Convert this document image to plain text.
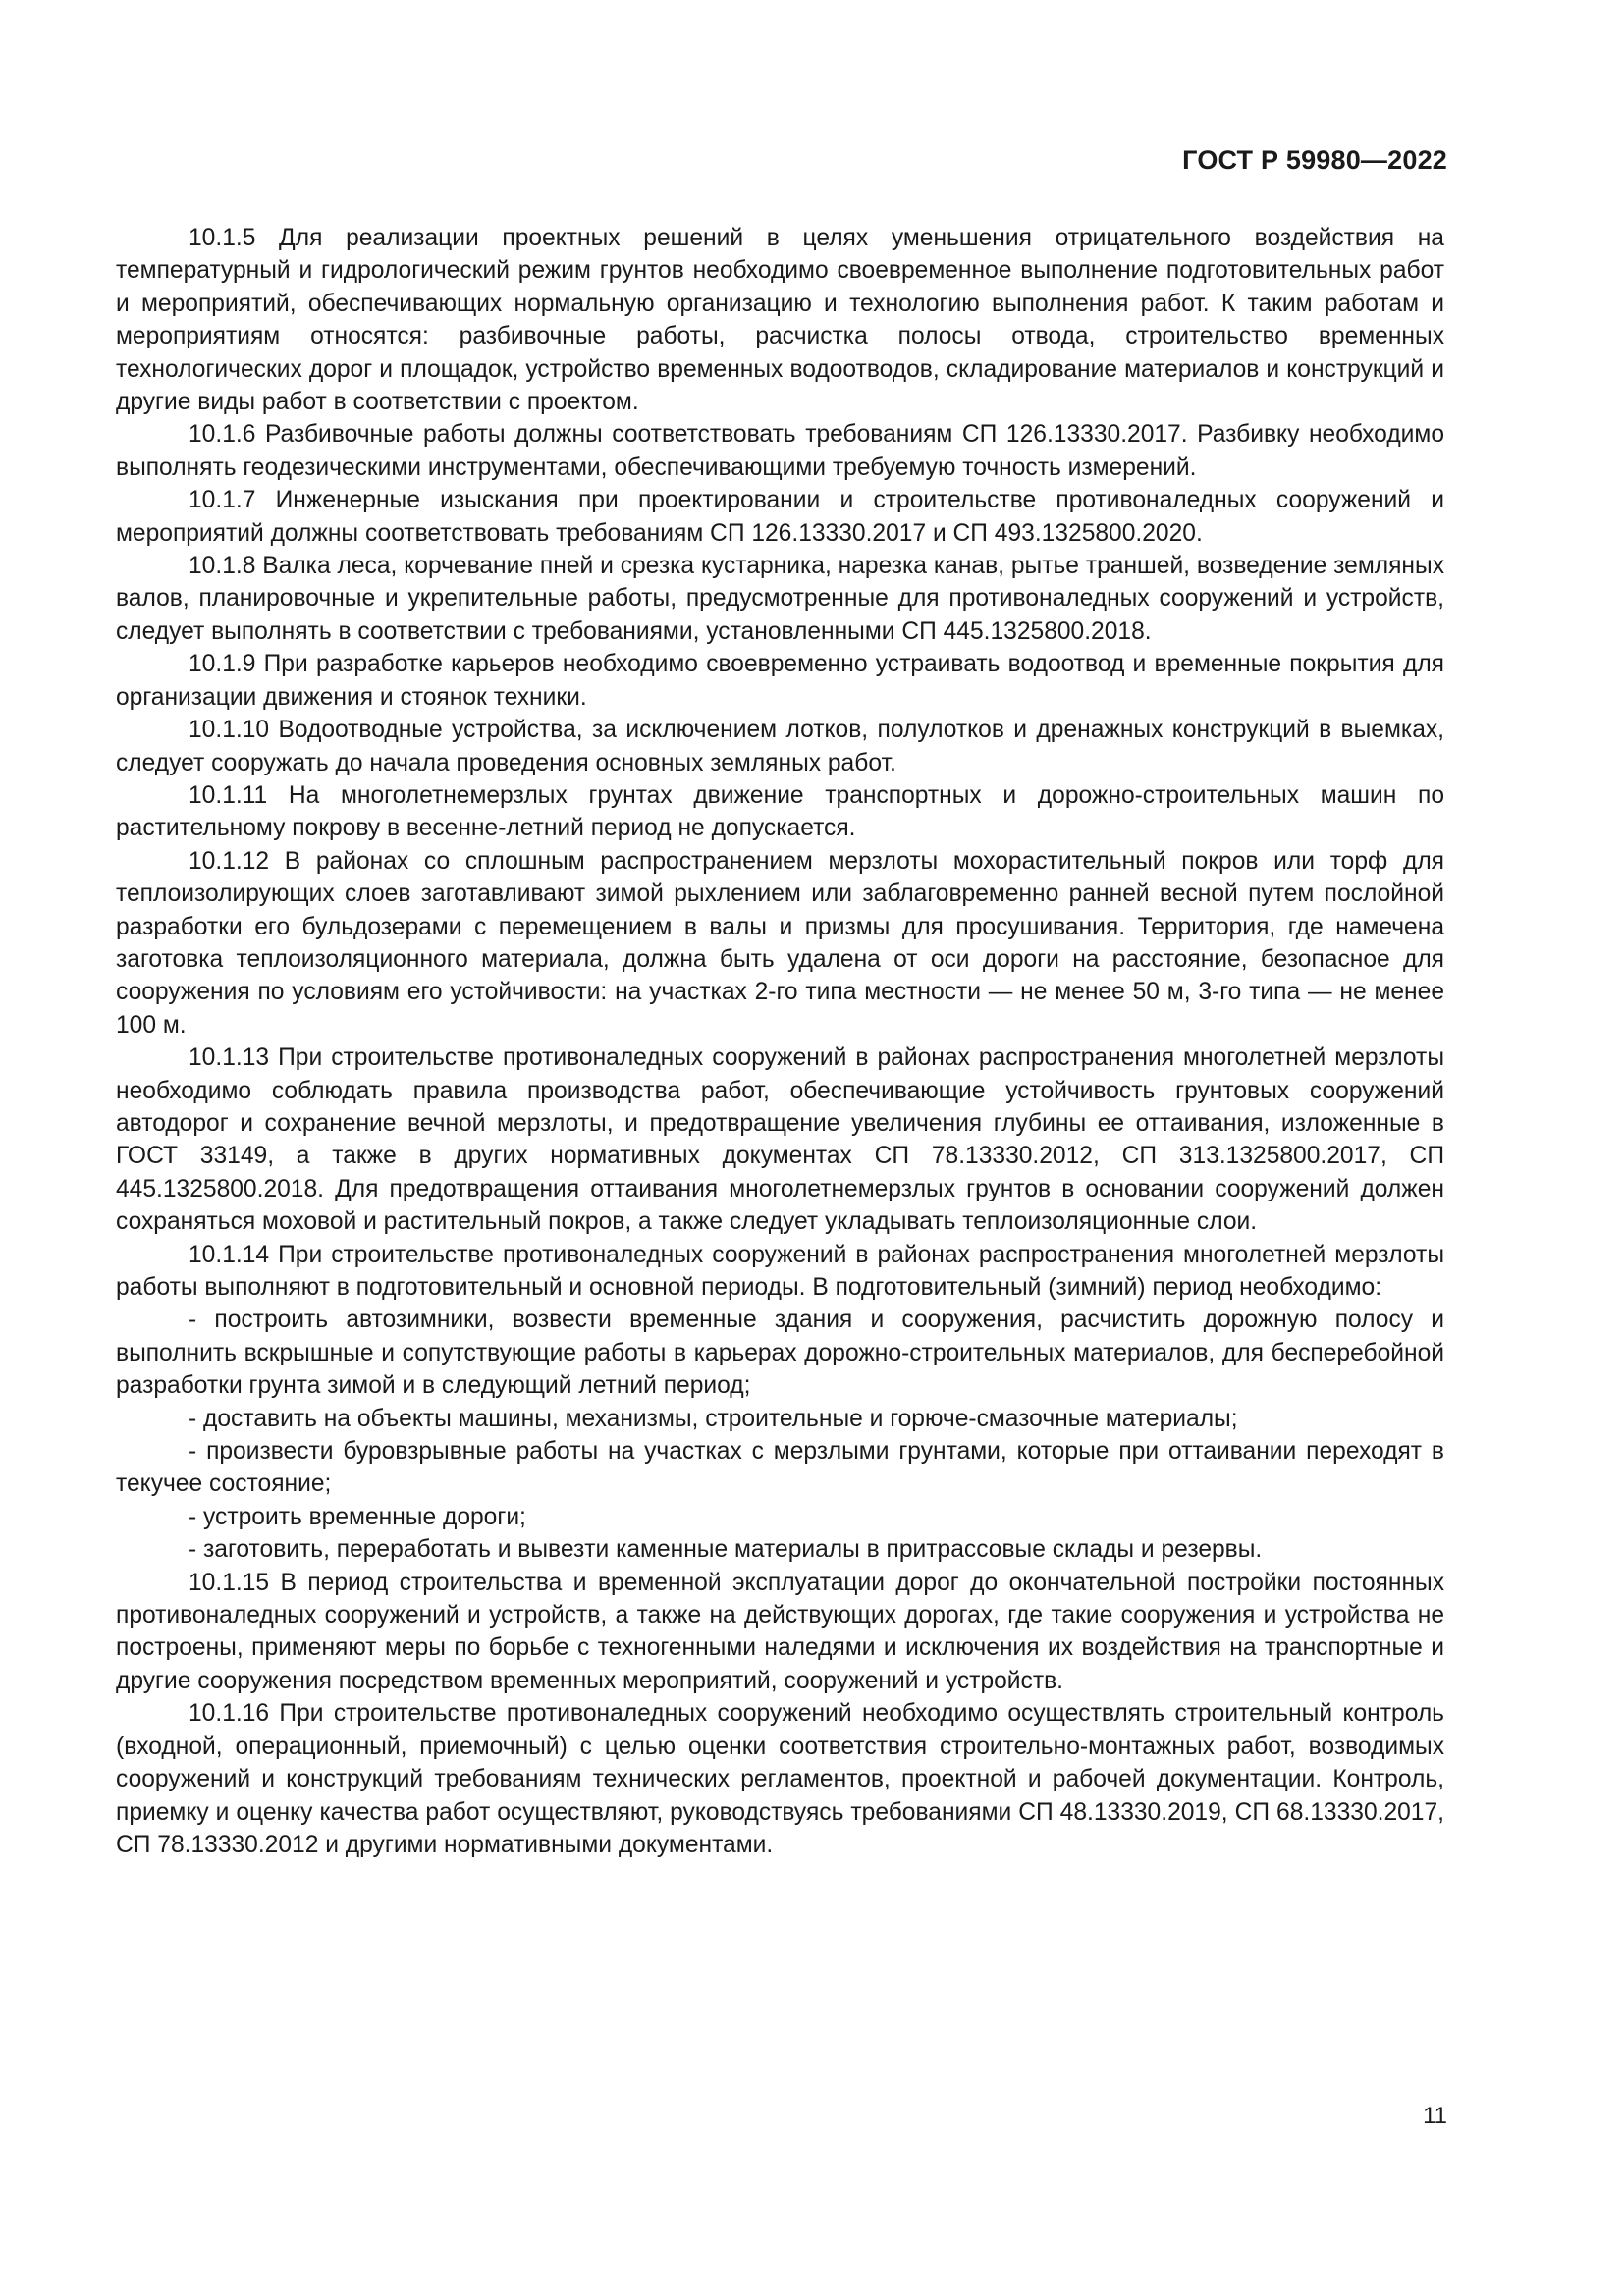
ГОСТ Р 59980—2022

10.1.5 Для реализации проектных решений в целях уменьшения отрицательного воздействия на температурный и гидрологический режим грунтов необходимо своевременное выполнение подготовительных работ и мероприятий, обеспечивающих нормальную организацию и технологию выполнения работ. К таким работам и мероприятиям относятся: разбивочные работы, расчистка полосы отвода, строительство временных технологических дорог и площадок, устройство временных водоотводов, складирование материалов и конструкций и другие виды работ в соответствии с проектом.

10.1.6 Разбивочные работы должны соответствовать требованиям СП 126.13330.2017. Разбивку необходимо выполнять геодезическими инструментами, обеспечивающими требуемую точность измерений.

10.1.7 Инженерные изыскания при проектировании и строительстве противоналедных сооружений и мероприятий должны соответствовать требованиям СП 126.13330.2017 и СП 493.1325800.2020.

10.1.8 Валка леса, корчевание пней и срезка кустарника, нарезка канав, рытье траншей, возведение земляных валов, планировочные и укрепительные работы, предусмотренные для противоналедных сооружений и устройств, следует выполнять в соответствии с требованиями, установленными СП 445.1325800.2018.

10.1.9 При разработке карьеров необходимо своевременно устраивать водоотвод и временные покрытия для организации движения и стоянок техники.

10.1.10 Водоотводные устройства, за исключением лотков, полулотков и дренажных конструкций в выемках, следует сооружать до начала проведения основных земляных работ.

10.1.11 На многолетнемерзлых грунтах движение транспортных и дорожно-строительных машин по растительному покрову в весенне-летний период не допускается.

10.1.12 В районах со сплошным распространением мерзлоты мохорастительный покров или торф для теплоизолирующих слоев заготавливают зимой рыхлением или заблаговременно ранней весной путем послойной разработки его бульдозерами с перемещением в валы и призмы для просушивания. Территория, где намечена заготовка теплоизоляционного материала, должна быть удалена от оси дороги на расстояние, безопасное для сооружения по условиям его устойчивости: на участках 2-го типа местности — не менее 50 м, 3-го типа — не менее 100 м.

10.1.13 При строительстве противоналедных сооружений в районах распространения многолетней мерзлоты необходимо соблюдать правила производства работ, обеспечивающие устойчивость грунтовых сооружений автодорог и сохранение вечной мерзлоты, и предотвращение увеличения глубины ее оттаивания, изложенные в ГОСТ 33149, а также в других нормативных документах СП 78.13330.2012, СП 313.1325800.2017, СП 445.1325800.2018. Для предотвращения оттаивания многолетнемерзлых грунтов в основании сооружений должен сохраняться моховой и растительный покров, а также следует укладывать теплоизоляционные слои.

10.1.14 При строительстве противоналедных сооружений в районах распространения многолетней мерзлоты работы выполняют в подготовительный и основной периоды. В подготовительный (зимний) период необходимо:

- построить автозимники, возвести временные здания и сооружения, расчистить дорожную полосу и выполнить вскрышные и сопутствующие работы в карьерах дорожно-строительных материалов, для бесперебойной разработки грунта зимой и в следующий летний период;

- доставить на объекты машины, механизмы, строительные и горюче-смазочные материалы;

- произвести буровзрывные работы на участках с мерзлыми грунтами, которые при оттаивании переходят в текучее состояние;

- устроить временные дороги;

- заготовить, переработать и вывезти каменные материалы в притрассовые склады и резервы.

10.1.15 В период строительства и временной эксплуатации дорог до окончательной постройки постоянных противоналедных сооружений и устройств, а также на действующих дорогах, где такие сооружения и устройства не построены, применяют меры по борьбе с техногенными наледями и исключения их воздействия на транспортные и другие сооружения посредством временных мероприятий, сооружений и устройств.

10.1.16 При строительстве противоналедных сооружений необходимо осуществлять строительный контроль (входной, операционный, приемочный) с целью оценки соответствия строительно-монтажных работ, возводимых сооружений и конструкций требованиям технических регламентов, проектной и рабочей документации. Контроль, приемку и оценку качества работ осуществляют, руководствуясь требованиями СП 48.13330.2019, СП 68.13330.2017, СП 78.13330.2012 и другими нормативными документами.

11
